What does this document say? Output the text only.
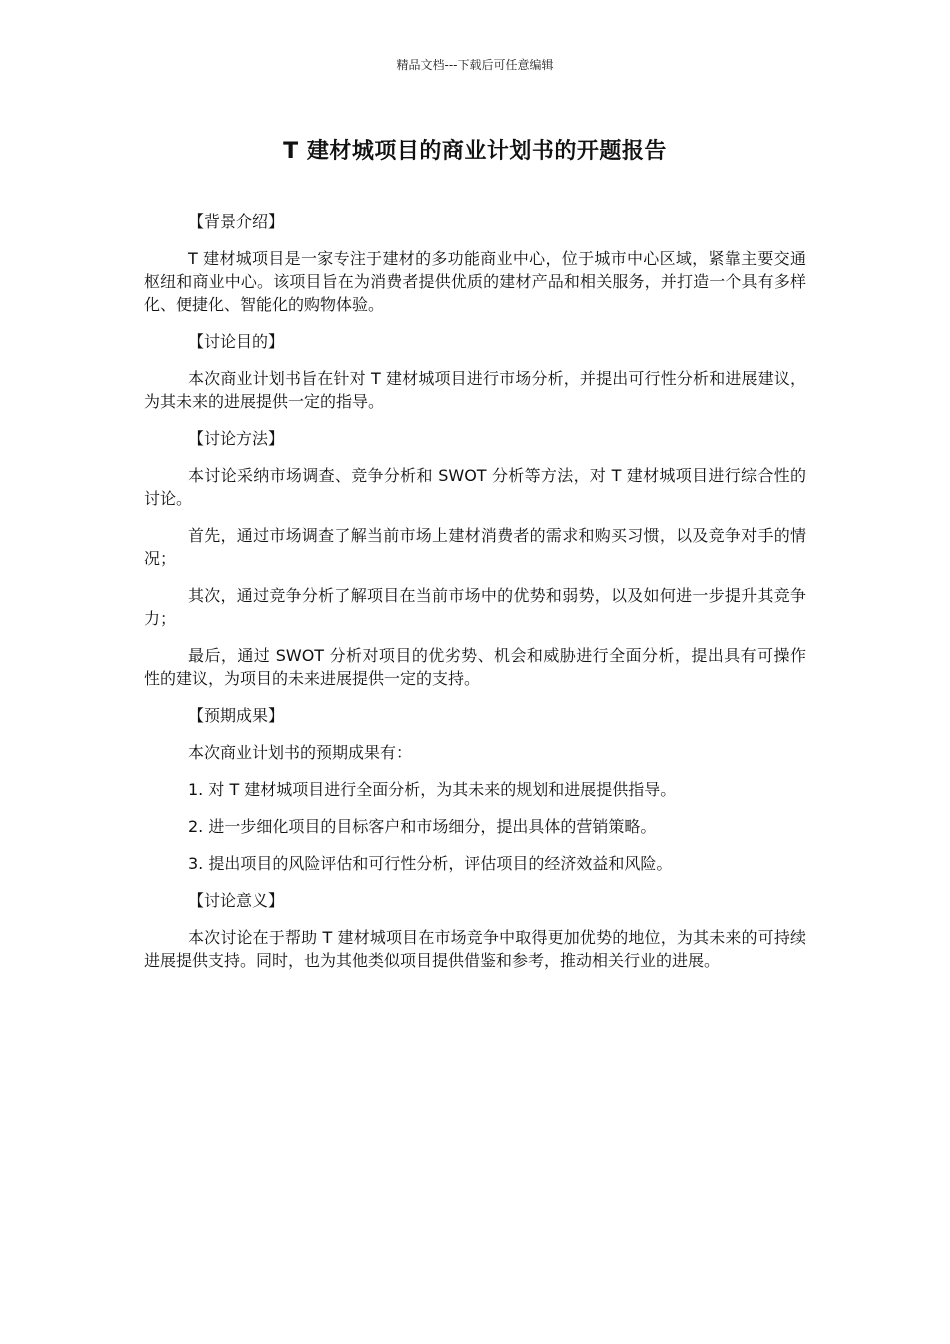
精品文档---下载后可任意编辑
T 建材城项目的商业计划书的开题报告

【背景介绍】

T 建材城项目是一家专注于建材的多功能商业中心，位于城市中心区域，紧靠主要交通枢纽和商业中心。该项目旨在为消费者提供优质的建材产品和相关服务，并打造一个具有多样化、便捷化、智能化的购物体验。

【讨论目的】

本次商业计划书旨在针对 T 建材城项目进行市场分析，并提出可行性分析和进展建议，为其未来的进展提供一定的指导。

【讨论方法】

本讨论采纳市场调查、竞争分析和 SWOT 分析等方法，对 T 建材城项目进行综合性的讨论。

首先，通过市场调查了解当前市场上建材消费者的需求和购买习惯，以及竞争对手的情况；

其次，通过竞争分析了解项目在当前市场中的优势和弱势，以及如何进一步提升其竞争力；

最后，通过 SWOT 分析对项目的优劣势、机会和威胁进行全面分析，提出具有可操作性的建议，为项目的未来进展提供一定的支持。

【预期成果】

本次商业计划书的预期成果有：

1. 对 T 建材城项目进行全面分析，为其未来的规划和进展提供指导。

2. 进一步细化项目的目标客户和市场细分，提出具体的营销策略。

3. 提出项目的风险评估和可行性分析，评估项目的经济效益和风险。

【讨论意义】

本次讨论在于帮助 T 建材城项目在市场竞争中取得更加优势的地位，为其未来的可持续进展提供支持。同时，也为其他类似项目提供借鉴和参考，推动相关行业的进展。
